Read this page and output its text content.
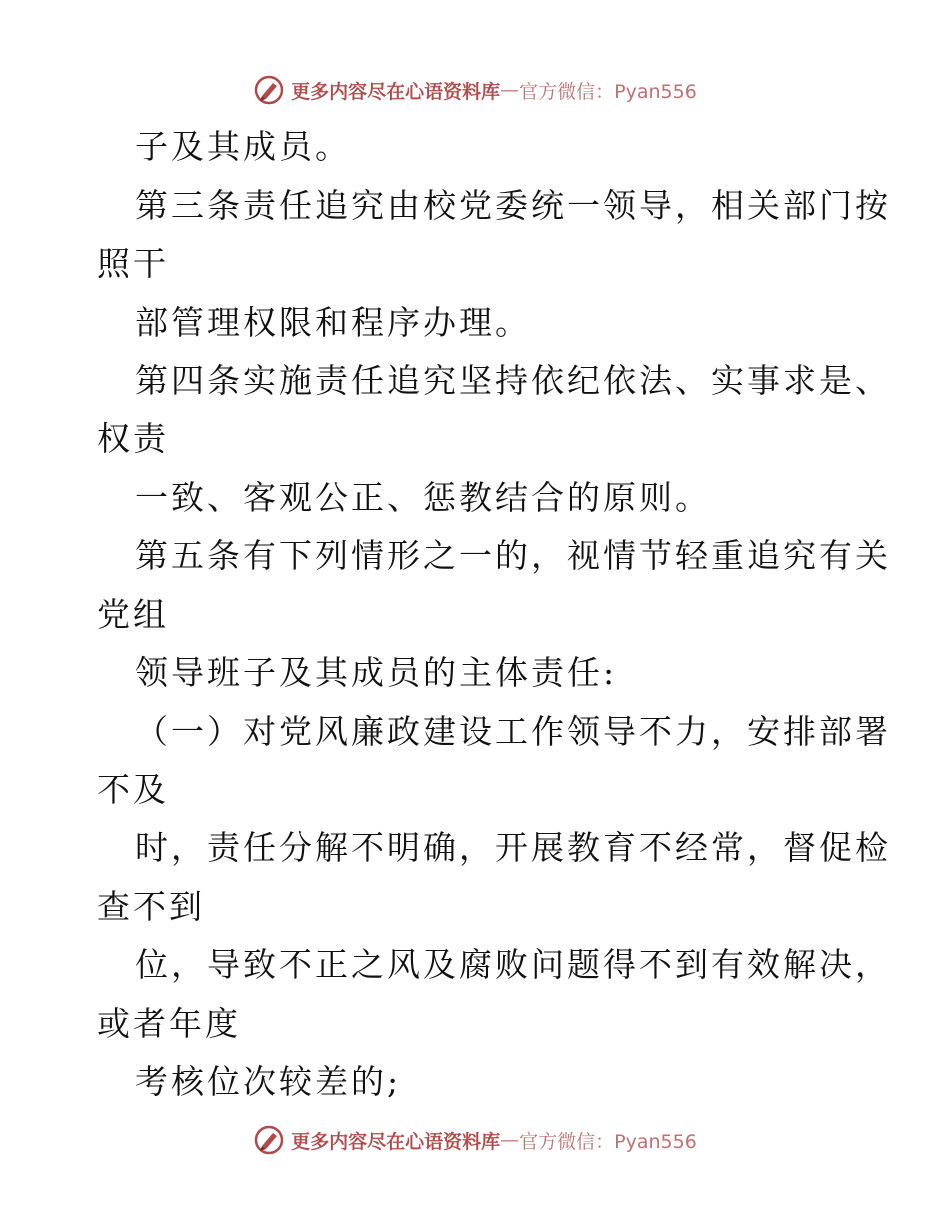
更多内容尽在心语资料库 — 官方微信：Pyan556
子及其成员。
第三条责任追究由校党委统一领导，相关部门按
照干
部管理权限和程序办理。
第四条实施责任追究坚持依纪依法、实事求是、
权责
一致、客观公正、惩教结合的原则。
第五条有下列情形之一的，视情节轻重追究有关
党组
领导班子及其成员的主体责任:
（一）对党风廉政建设工作领导不力，安排部署
不及
时，责任分解不明确，开展教育不经常，督促检
查不到
位，导致不正之风及腐败问题得不到有效解决，
或者年度
考核位次较差的;
更多内容尽在心语资料库 — 官方微信：Pyan556
